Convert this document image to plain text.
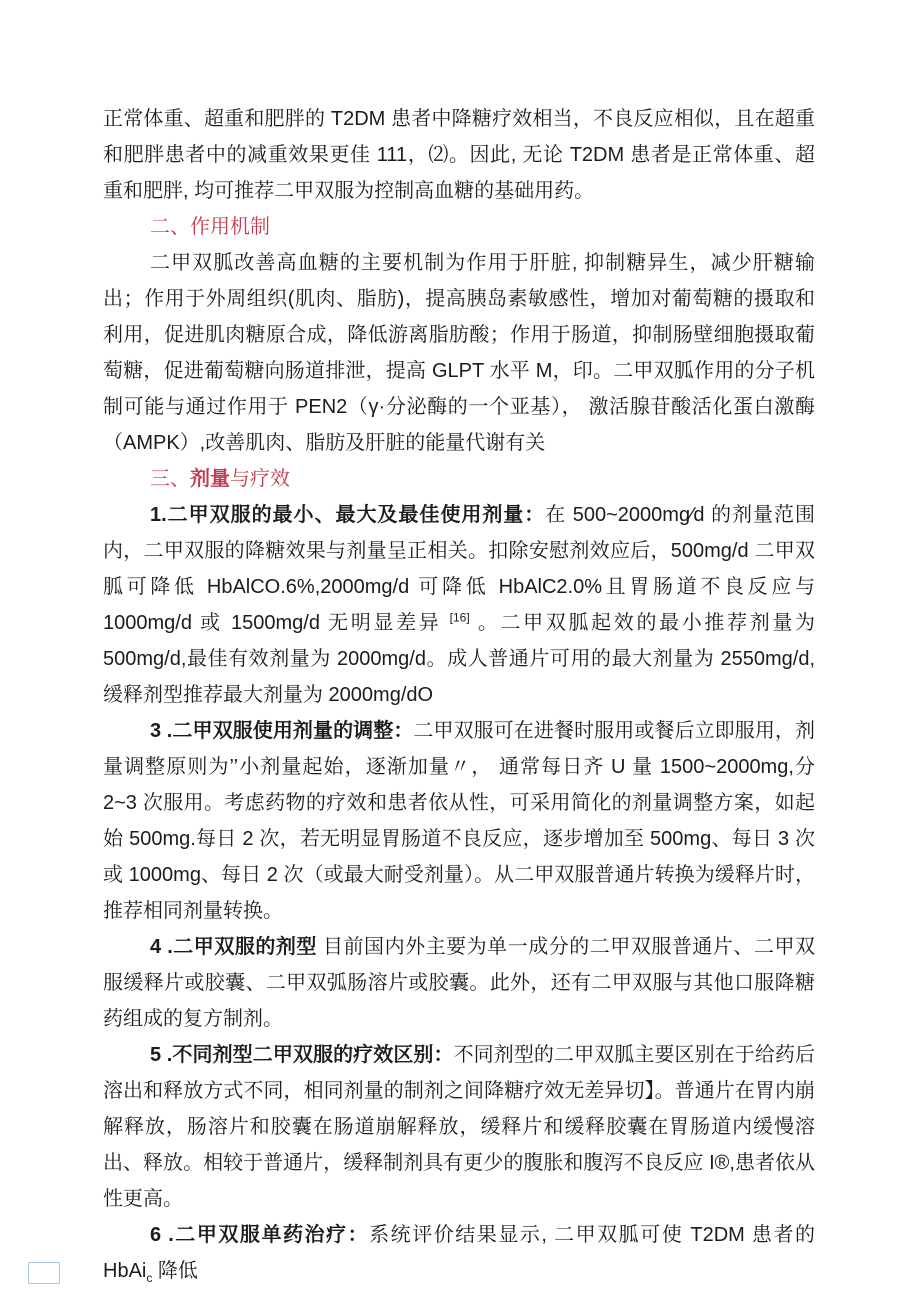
正常体重、超重和肥胖的 T2DM 患者中降糖疗效相当，不良反应相似，且在超重和肥胖患者中的减重效果更佳 111，⑵。因此, 无论 T2DM 患者是正常体重、超重和肥胖, 均可推荐二甲双服为控制高血糖的基础用药。

二、作用机制

二甲双胍改善高血糖的主要机制为作用于肝脏, 抑制糖异生，减少肝糖输出；作用于外周组织(肌肉、脂肪)，提高胰岛素敏感性，增加对葡萄糖的摄取和利用，促进肌肉糖原合成，降低游离脂肪酸；作用于肠道，抑制肠壁细胞摄取葡萄糖，促进葡萄糖向肠道排泄，提高 GLPT 水平 M，印。二甲双胍作用的分子机制可能与通过作用于 PEN2（γ·分泌酶的一个亚基）， 激活腺苷酸活化蛋白激酶（AMPK）,改善肌肉、脂肪及肝脏的能量代谢有关

三、剂量与疗效

1.二甲双服的最小、最大及最佳使用剂量：在 500~2000mg∕d 的剂量范围内，二甲双服的降糖效果与剂量呈正相关。扣除安慰剂效应后，500mg/d 二甲双胍可降低 HbAlCO.6%,2000mg/d 可降低 HbAlC2.0%且胃肠道不良反应与 1000mg/d 或 1500mg/d 无明显差异 [16] 。二甲双胍起效的最小推荐剂量为 500mg/d,最佳有效剂量为 2000mg/d。成人普通片可用的最大剂量为 2550mg/d,缓释剂型推荐最大剂量为 2000mg/dO

3 .二甲双服使用剂量的调整：二甲双服可在进餐时服用或餐后立即服用，剂量调整原则为’’小剂量起始，逐渐加量〃， 通常每日齐 U 量 1500~2000mg,分 2~3 次服用。考虑药物的疗效和患者依从性，可采用简化的剂量调整方案，如起始 500mg.每日 2 次，若无明显胃肠道不良反应，逐步增加至 500mg、每日 3 次或 1000mg、每日 2 次（或最大耐受剂量）。从二甲双服普通片转换为缓释片时，推荐相同剂量转换。

4 .二甲双服的剂型 目前国内外主要为单一成分的二甲双服普通片、二甲双服缓释片或胶囊、二甲双弧肠溶片或胶囊。此外，还有二甲双服与其他口服降糖药组成的复方制剂。

5 .不同剂型二甲双服的疗效区别：不同剂型的二甲双胍主要区别在于给药后溶出和释放方式不同，相同剂量的制剂之间降糖疗效无差异切】。普通片在胃内崩解释放，肠溶片和胶囊在肠道崩解释放，缓释片和缓释胶囊在胃肠道内缓慢溶出、释放。相较于普通片，缓释制剂具有更少的腹胀和腹泻不良反应 I®,患者依从性更高。

6 .二甲双服单药治疗：系统评价结果显示, 二甲双胍可使 T2DM 患者的 HbAi$_c$ 降低
